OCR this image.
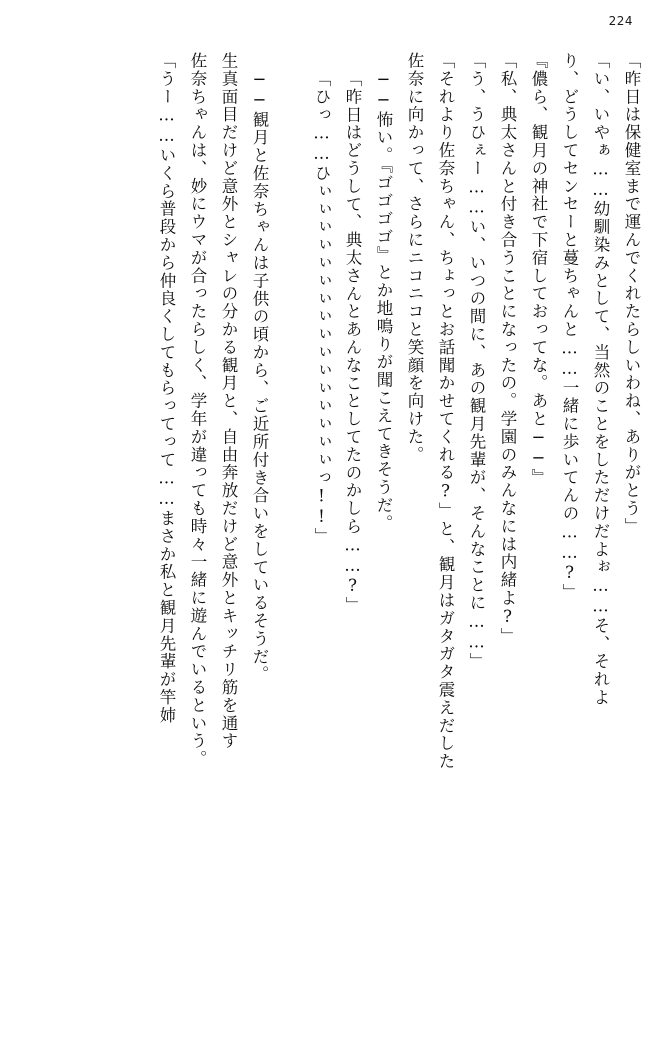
224
「昨日は保健室まで運んでくれたらしいわね、ありがとう」
「い、いやぁ……幼馴染みとして、当然のことをしただけだよぉ……そ、それよ
り、どうしてセンセーと蔓ちゃんと……一緒に歩いてんの……?」
『儂ら、観月の神社で下宿しておってな。あと──』
「私、典太さんと付き合うことになったの。学園のみんなには内緒よ?」
「う、うひぇー……い、いつの間に、あの観月先輩が、そんなことに……」
「それより佐奈ちゃん、ちょっとお話聞かせてくれる?」と、観月はガタガタ震えだした
佐奈に向かって、さらにニコニコと笑顔を向けた。
──怖い。『ゴゴゴゴ』とか地鳴りが聞こえてきそうだ。
「昨日はどうして、典太さんとあんなことしてたのかしら……?」
「ひっ……ひぃぃぃぃぃぃぃぃぃぃぃぃぃぃぃぃっ!!」
──観月と佐奈ちゃんは子供の頃から、ご近所付き合いをしているそうだ。
生真面目だけど意外とシャレの分かる観月と、自由奔放だけど意外とキッチリ筋を通す
佐奈ちゃんは、妙にウマが合ったらしく、学年が違っても時々一緒に遊んでいるという。
「うー……いくら普段から仲良くしてもらってって……まさか私と観月先輩が竿姉
